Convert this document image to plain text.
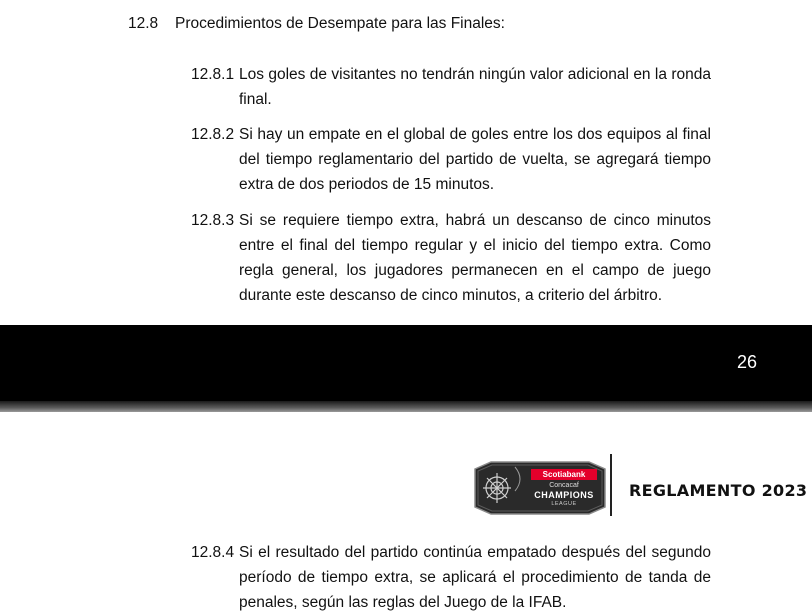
12.8 Procedimientos de Desempate para las Finales:
12.8.1 Los goles de visitantes no tendrán ningún valor adicional en la ronda final.
12.8.2 Si hay un empate en el global de goles entre los dos equipos al final del tiempo reglamentario del partido de vuelta, se agregará tiempo extra de dos periodos de 15 minutos.
12.8.3 Si se requiere tiempo extra, habrá un descanso de cinco minutos entre el final del tiempo regular y el inicio del tiempo extra. Como regla general, los jugadores permanecen en el campo de juego durante este descanso de cinco minutos, a criterio del árbitro.
26
Scotiabank
Concacaf
CHAMPIONS
LEAGUE
REGLAMENTO 2023
12.8.4 Si el resultado del partido continúa empatado después del segundo período de tiempo extra, se aplicará el procedimiento de tanda de penales, según las reglas del Juego de la IFAB.
